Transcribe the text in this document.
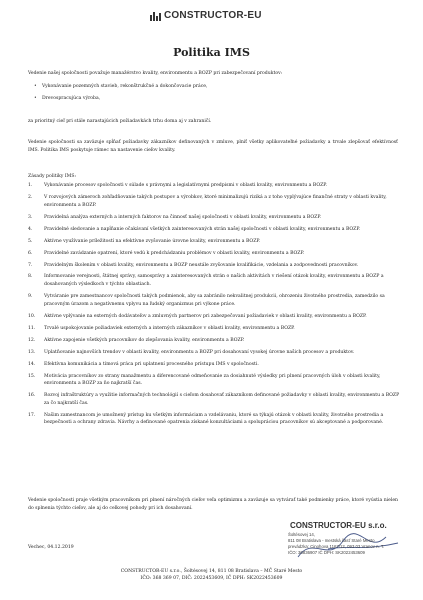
CONSTRUCTOR-EU
Politika IMS
Vedenie našej spoločnosti považuje manažérstvo kvality, environmentu a BOZP pri zabezpečovaní produktov:
• Vykonávanie pozemných stavieb, rekonštrukčné a dokončovacie práce,
• Drevospracujúca výroba,
za prioritný cieľ pri stále narastajúcich požiadavkách trhu doma aj v zahraničí.
Vedenie spoločnosti sa zaväzuje spĺňať požiadavky zákazníkov definovaných v zmluve, plniť všetky aplikovateľné požiadavky a trvale zlepšovať efektívnosť IMS. Politika IMS poskytuje rámec na nastavenie cieľov kvality.
Zásady politiky IMS:
1.	Vykonávanie procesov spoločnosti v súlade s právnymi a legislatívnymi predpismi v oblasti kvality, environmentu a BOZP.
2.	V rozvojových zámeroch zohľadňovanie takých postupov a výrobkov, ktoré minimalizujú riziká a z toho vyplývajúce finančné straty v oblasti kvality, environmentu a BOZP.
3.	Pravidelná analýza externých a interných faktorov na činnosť našej spoločnosti v oblasti kvality, environmentu a BOZP.
4.	Pravidelné sledovanie a napĺňanie očakávaní všetkých zainteresovaných strán našej spoločnosti v oblasti kvality, environmentu a BOZP.
5.	Aktívne využívanie príležitostí na efektívne zvyšovanie úrovne kvality, environmentu a BOZP.
6.	Pravidelné zavádzanie opatrení, ktoré vedú k predchádzaniu problémov v oblasti kvality, environmentu a BOZP.
7.	Pravidelným školením v oblasti kvality, environmentu a BOZP neustále zvyšovanie kvalifikácie, vzdelania a zodpovednosti pracovníkov.
8.	Informovanie verejnosti, štátnej správy, samosprávy a zainteresovaných strán o našich aktivitách v riešení otázok kvality, environmentu a BOZP a dosahovaných výsledkoch v týchto oblastiach.
9.	Vytváranie pre zamestnancov spoločnosti takých podmienok, aby sa zabránilo nekvalitnej produkcii, ohrozeniu životného prostredia, zamedzilo sa pracovným úrazom a negatívnemu vplyvu na ľudský organizmus pri výkone práce.
10. Aktívne vplývanie na externých dodávateľov a zmluvných partnerov pri zabezpečovaní požiadaviek v oblasti kvality, environmentu a BOZP.
11. Trvalé uspokojovanie požiadaviek externých a interných zákazníkov v oblasti kvality, environmentu a BOZP.
12. Aktívne zapojenie všetkých pracovníkov do zlepšovania kvality, environmentu a BOZP.
13. Uplatňovanie najnovších trendov v oblasti kvality, environmentu a BOZP pri dosahovaní vysokej úrovne našich procesov a produktov.
14. Efektívna komunikácia a tímová práca pri uplatnení procesného prístupu IMS v spoločnosti.
15. Motivácia pracovníkov zo strany manažmentu a diferencované odmeňovanie za dosiahnuté výsledky pri plnení pracovných úloh v oblasti kvality, environmentu a BOZP za ňo najkratší čas.
16. Rozvoj infraštruktúry a využitie informačných technológií s cieľom dosahovať zákazníkom definované požiadavky v oblasti kvality, environmentu a BOZP za čo najkratší čas.
17. Našim zamestnancom je umožnený prístup ku všetkým informáciam a vzdelávaniu, ktoré sa týkajú otázok v oblasti kvality, životného prostredia a bezpečnosti a ochrany zdravia. Návrhy a definované opatrenia získané konzultáciami a spolupráciou pracovníkov sú akceptované a podporované.
Vedenie spoločnosti praje všetkým pracovníkom pri plnení náročných cieľov veľa optimizmu a zaväzuje sa vytvárať také podmienky práce, ktoré vyústia nielen do splnenia týchto cieľov, ale aj do celkovej pohody pri ich dosahovaní.
Vechec, 04.12.2019
CONSTRUCTOR-EU s.r.o.
Šoltésovej 14,
811 08 Bratislava - mestská časť Staré Mesto
prevádzka: Cinohova 1167/12, 093 03 Vranov n. T.
IČO: 36836907 IČ DPH: SK2022453609
CONSTRUCTOR-EU s.r.o., Šoltésovej 14, 811 08 Bratislava – MČ Staré Mesto
IČO: 368 369 07, DIČ: 2022453609, IČ DPH: SK2022453609
